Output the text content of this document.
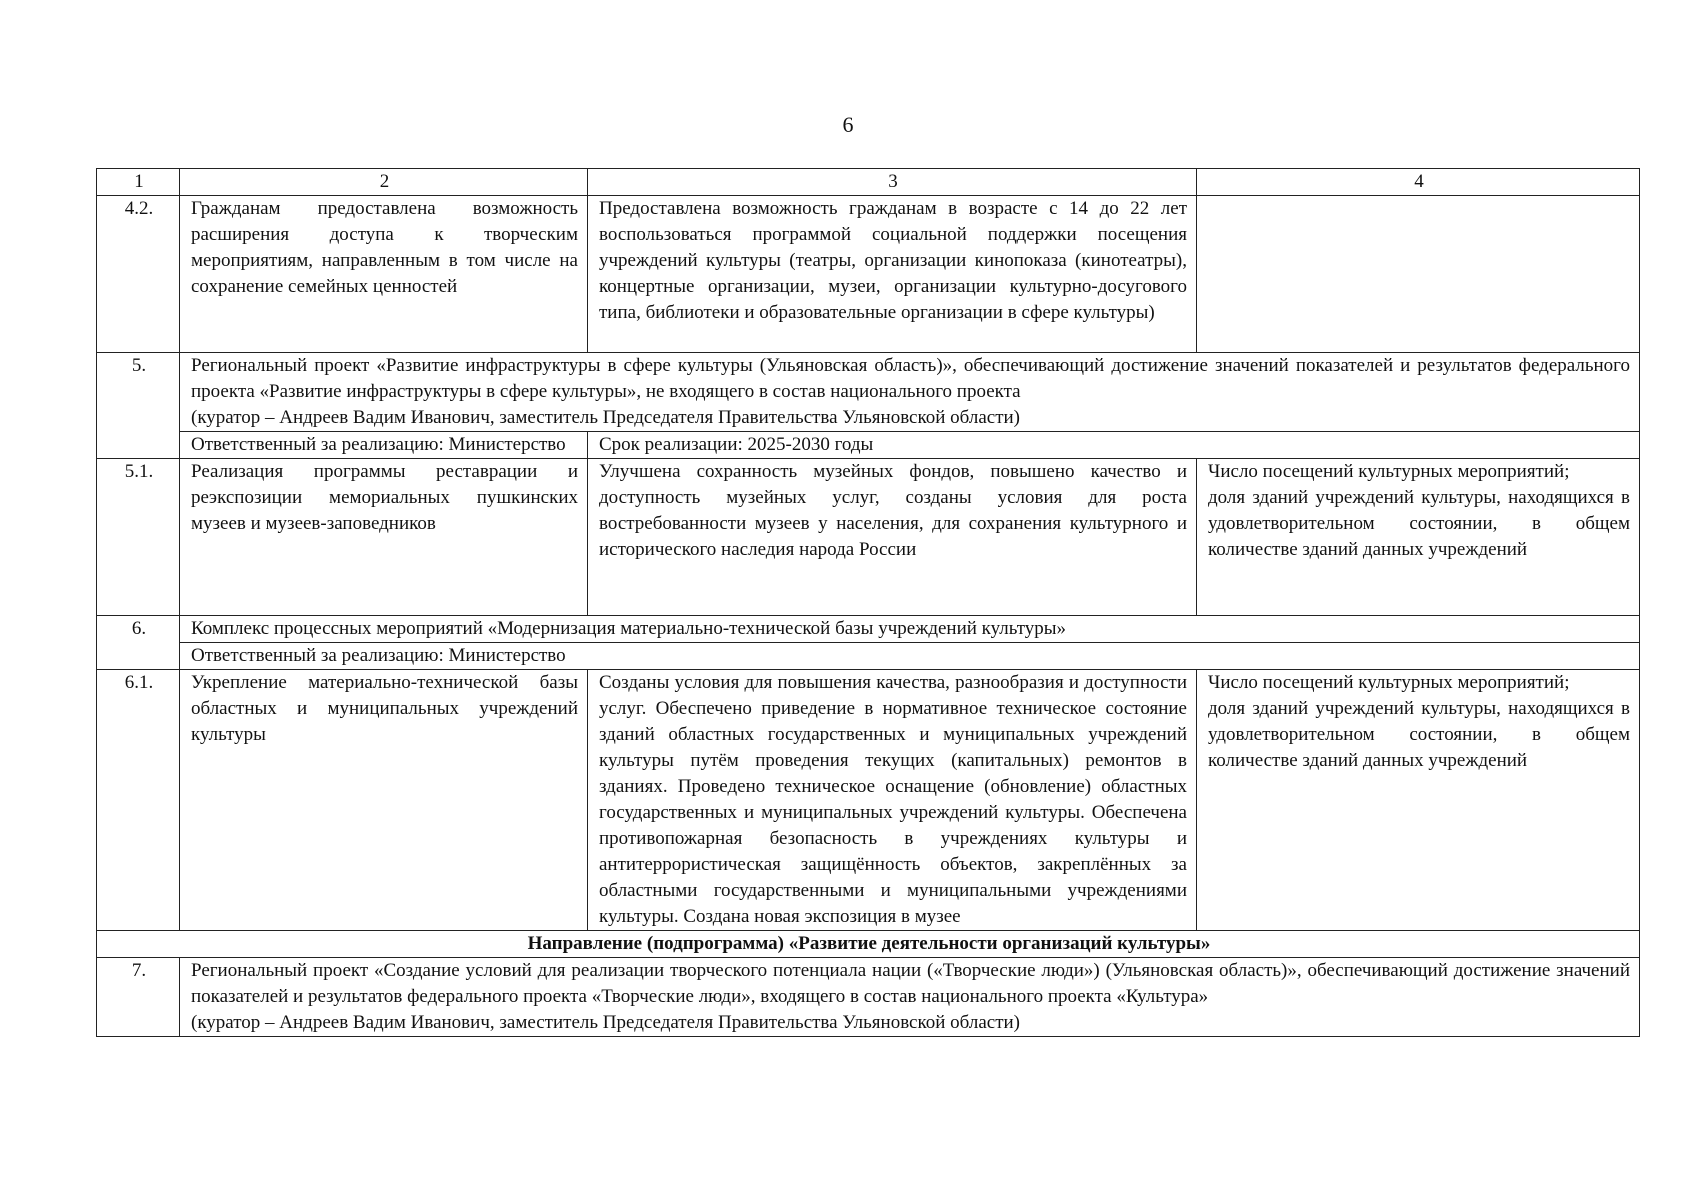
6
1	2	3	4
4.2.	Гражданам предоставлена возможность расширения доступа к творческим мероприятиям, направленным в том числе на сохранение семейных ценностей	Предоставлена возможность гражданам в возрасте с 14 до 22 лет воспользоваться программой социальной поддержки посещения учреждений культуры (театры, организации кинопоказа (кинотеатры), концертные организации, музеи, организации культурно-досугового типа, библиотеки и образовательные организации в сфере культуры)	
5.	Региональный проект «Развитие инфраструктуры в сфере культуры (Ульяновская область)», обеспечивающий достижение значений показателей и результатов федерального проекта «Развитие инфраструктуры в сфере культуры», не входящего в состав национального проекта
(куратор – Андреев Вадим Иванович, заместитель Председателя Правительства Ульяновской области)		

	Ответственный за реализацию: Министерство	Срок реализации: 2025-2030 годы	
5.1.	Реализация программы реставрации и реэкспозиции мемориальных пушкинских музеев и музеев-заповедников	Улучшена сохранность музейных фондов, повышено качество и доступность музейных услуг, созданы условия для роста востребованности музеев у населения, для сохранения культурного и исторического наследия народа России	Число посещений культурных мероприятий;
доля зданий учреждений культуры, находящихся в удовлетворительном состоянии, в общем количестве зданий данных учреждений

6.	Комплекс процессных мероприятий «Модернизация материально-технической базы учреждений культуры»		
	Ответственный за реализацию: Министерство		
6.1.	Укрепление материально-технической базы областных и муниципальных учреждений культуры	Созданы условия для повышения качества, разнообразия и доступности услуг. Обеспечено приведение в нормативное техническое состояние зданий областных государственных и муниципальных учреждений культуры путём проведения текущих (капитальных) ремонтов в зданиях. Проведено техническое оснащение (обновление) областных государственных и муниципальных учреждений культуры. Обеспечена противопожарная безопасность в учреждениях культуры и антитеррористическая защищённость объектов, закреплённых за областными государственными и муниципальными учреждениями культуры. Создана новая экспозиция в музее	Число посещений культурных мероприятий;
доля зданий учреждений культуры, находящихся в удовлетворительном состоянии, в общем количестве зданий данных учреждений

Направление (подпрограмма) «Развитие деятельности организаций культуры»			
7.	Региональный проект «Создание условий для реализации творческого потенциала нации («Творческие люди») (Ульяновская область)», обеспечивающий достижение значений показателей и результатов федерального проекта «Творческие люди», входящего в состав национального проекта «Культура»
(куратор – Андреев Вадим Иванович, заместитель Председателя Правительства Ульяновской области)		
